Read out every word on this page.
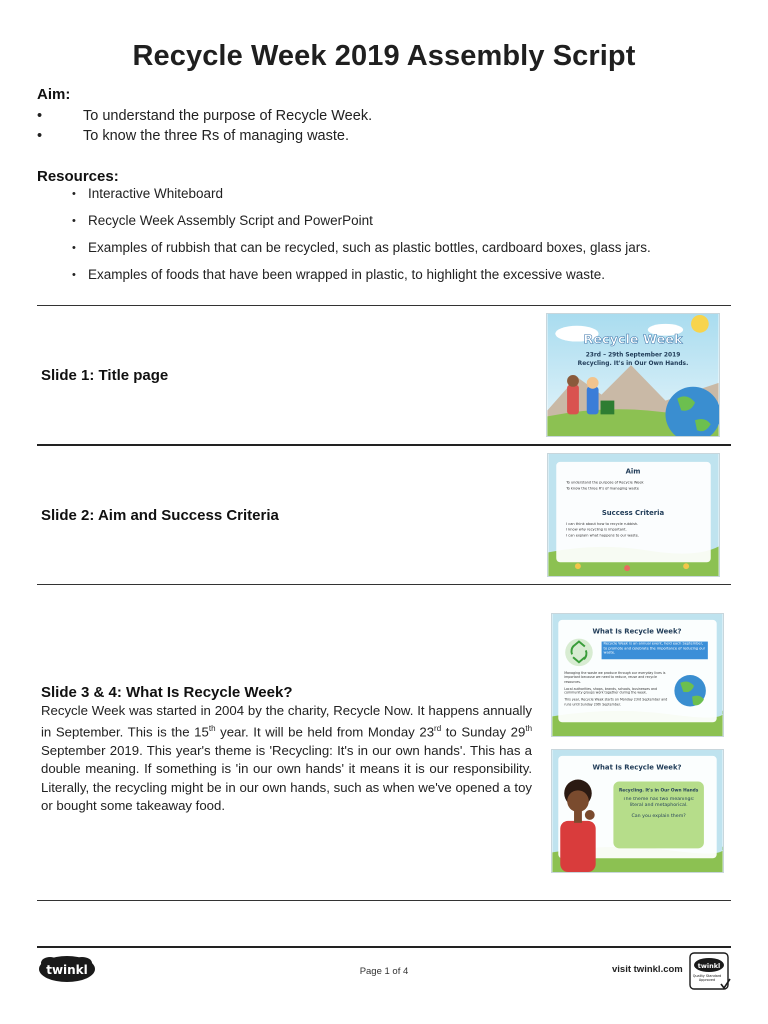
Recycle Week 2019 Assembly Script
Aim:
•	To understand the purpose of Recycle Week.
•	To know the three Rs of managing waste.
Resources:
• Interactive Whiteboard
• Recycle Week Assembly Script and PowerPoint
• Examples of rubbish that can be recycled, such as plastic bottles, cardboard boxes, glass jars.
• Examples of foods that have been wrapped in plastic, to highlight the excessive waste.
Slide 1: Title page
Recycle Week
23rd – 29th September 2019
Recycling. It's in Our Own Hands.
Slide 2: Aim and Success Criteria
Aim
To understand the purpose of Recycle Week
To know the three R's of managing waste
Success Criteria
I can think about how to recycle rubbish.
I know why recycling is important.
I can explain what happens to our waste.
Slide 3 & 4: What Is Recycle Week?
Recycle Week was started in 2004 by the charity, Recycle Now. It happens annually in September. This is the 15th year. It will be held from Monday 23rd to Sunday 29th September 2019. This year's theme is 'Recycling: It's in our own hands'. This has a double meaning. If something is 'in our own hands' it means it is our responsibility. Literally, the recycling might be in our own hands, such as when we've opened a toy or bought some takeaway food.
What Is Recycle Week?
Recycle Week is an annual event, held each September, to promote and celebrate the importance of reducing our waste.
Managing the waste we produce through our everyday lives is important because we need to reduce, reuse and recycle resources.
Local authorities, shops, brands, schools, businesses and community groups work together during the week.
This year, Recycle Week starts on Monday 23rd September and runs until Sunday 29th September.
What Is Recycle Week?
Recycling. It's in Our Own Hands
The theme has two meanings: literal and metaphorical.
Can you explain them?
twinkl	Page 1 of 4	visit twinkl.com twinkl
Quality Standard Approved
